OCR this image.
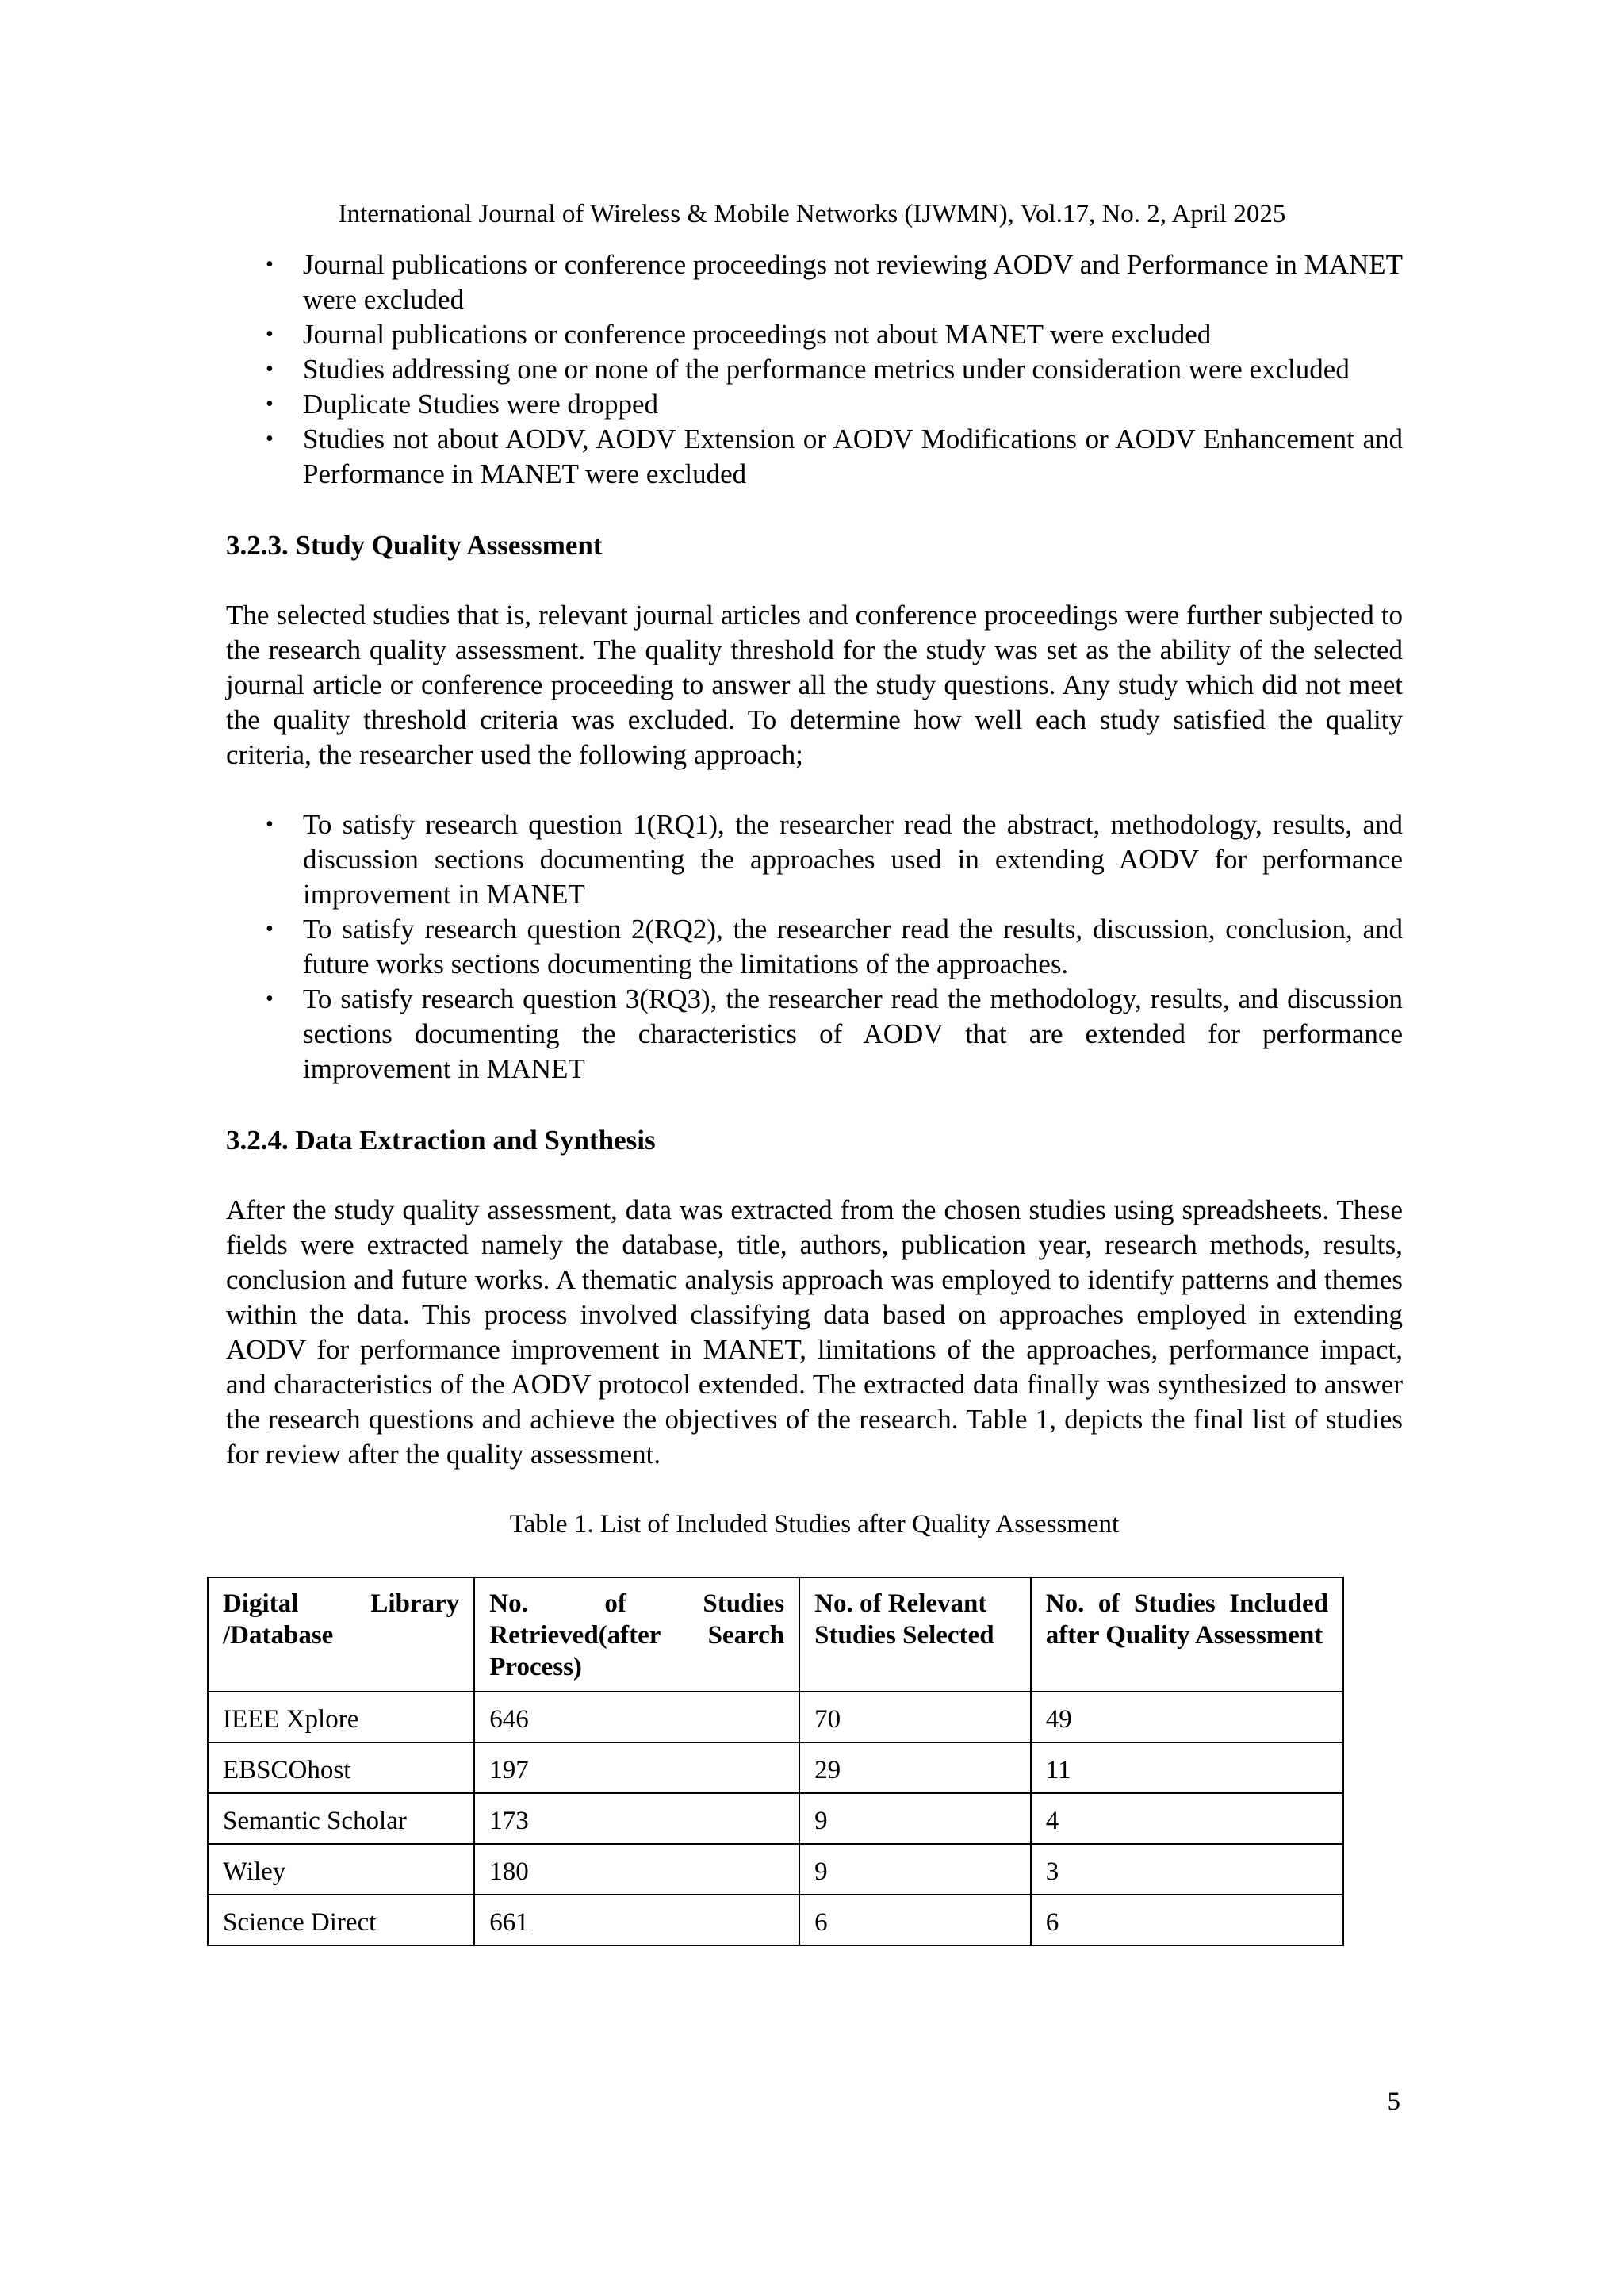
International Journal of Wireless & Mobile Networks (IJWMN), Vol.17, No. 2, April 2025
•	Journal publications or conference proceedings not reviewing AODV and Performance in MANET were excluded
•	Journal publications or conference proceedings not about MANET were excluded
•	Studies addressing one or none of the performance metrics under consideration were excluded
•	Duplicate Studies were dropped
•	Studies not about AODV, AODV Extension or AODV Modifications or AODV Enhancement and Performance in MANET were excluded
3.2.3. Study Quality Assessment

The selected studies that is, relevant journal articles and conference proceedings were further subjected to the research quality assessment. The quality threshold for the study was set as the ability of the selected journal article or conference proceeding to answer all the study questions. Any study which did not meet the quality threshold criteria was excluded. To determine how well each study satisfied the quality criteria, the researcher used the following approach;

•	To satisfy research question 1(RQ1), the researcher read the abstract, methodology, results, and discussion sections documenting the approaches used in extending AODV for performance improvement in MANET
•	To satisfy research question 2(RQ2), the researcher read the results, discussion, conclusion, and future works sections documenting the limitations of the approaches.
•	To satisfy research question 3(RQ3), the researcher read the methodology, results, and discussion sections documenting the characteristics of AODV that are extended for performance improvement in MANET
3.2.4. Data Extraction and Synthesis

After the study quality assessment, data was extracted from the chosen studies using spreadsheets. These fields were extracted namely the database, title, authors, publication year, research methods, results, conclusion and future works. A thematic analysis approach was employed to identify patterns and themes within the data. This process involved classifying data based on approaches employed in extending AODV for performance improvement in MANET, limitations of the approaches, performance impact, and characteristics of the AODV protocol extended. The extracted data finally was synthesized to answer the research questions and achieve the objectives of the research. Table 1, depicts the final list of studies for review after the quality assessment.

Table 1. List of Included Studies after Quality Assessment
Digital Library /Database	No. of Studies Retrieved(after Search Process)	No. of Relevant Studies Selected	No. of Studies Included after Quality Assessment
IEEE Xplore	646	70	49
EBSCOhost	197	29	11
Semantic Scholar	173	9	4
Wiley	180	9	3
Science Direct	661	6	6
5
